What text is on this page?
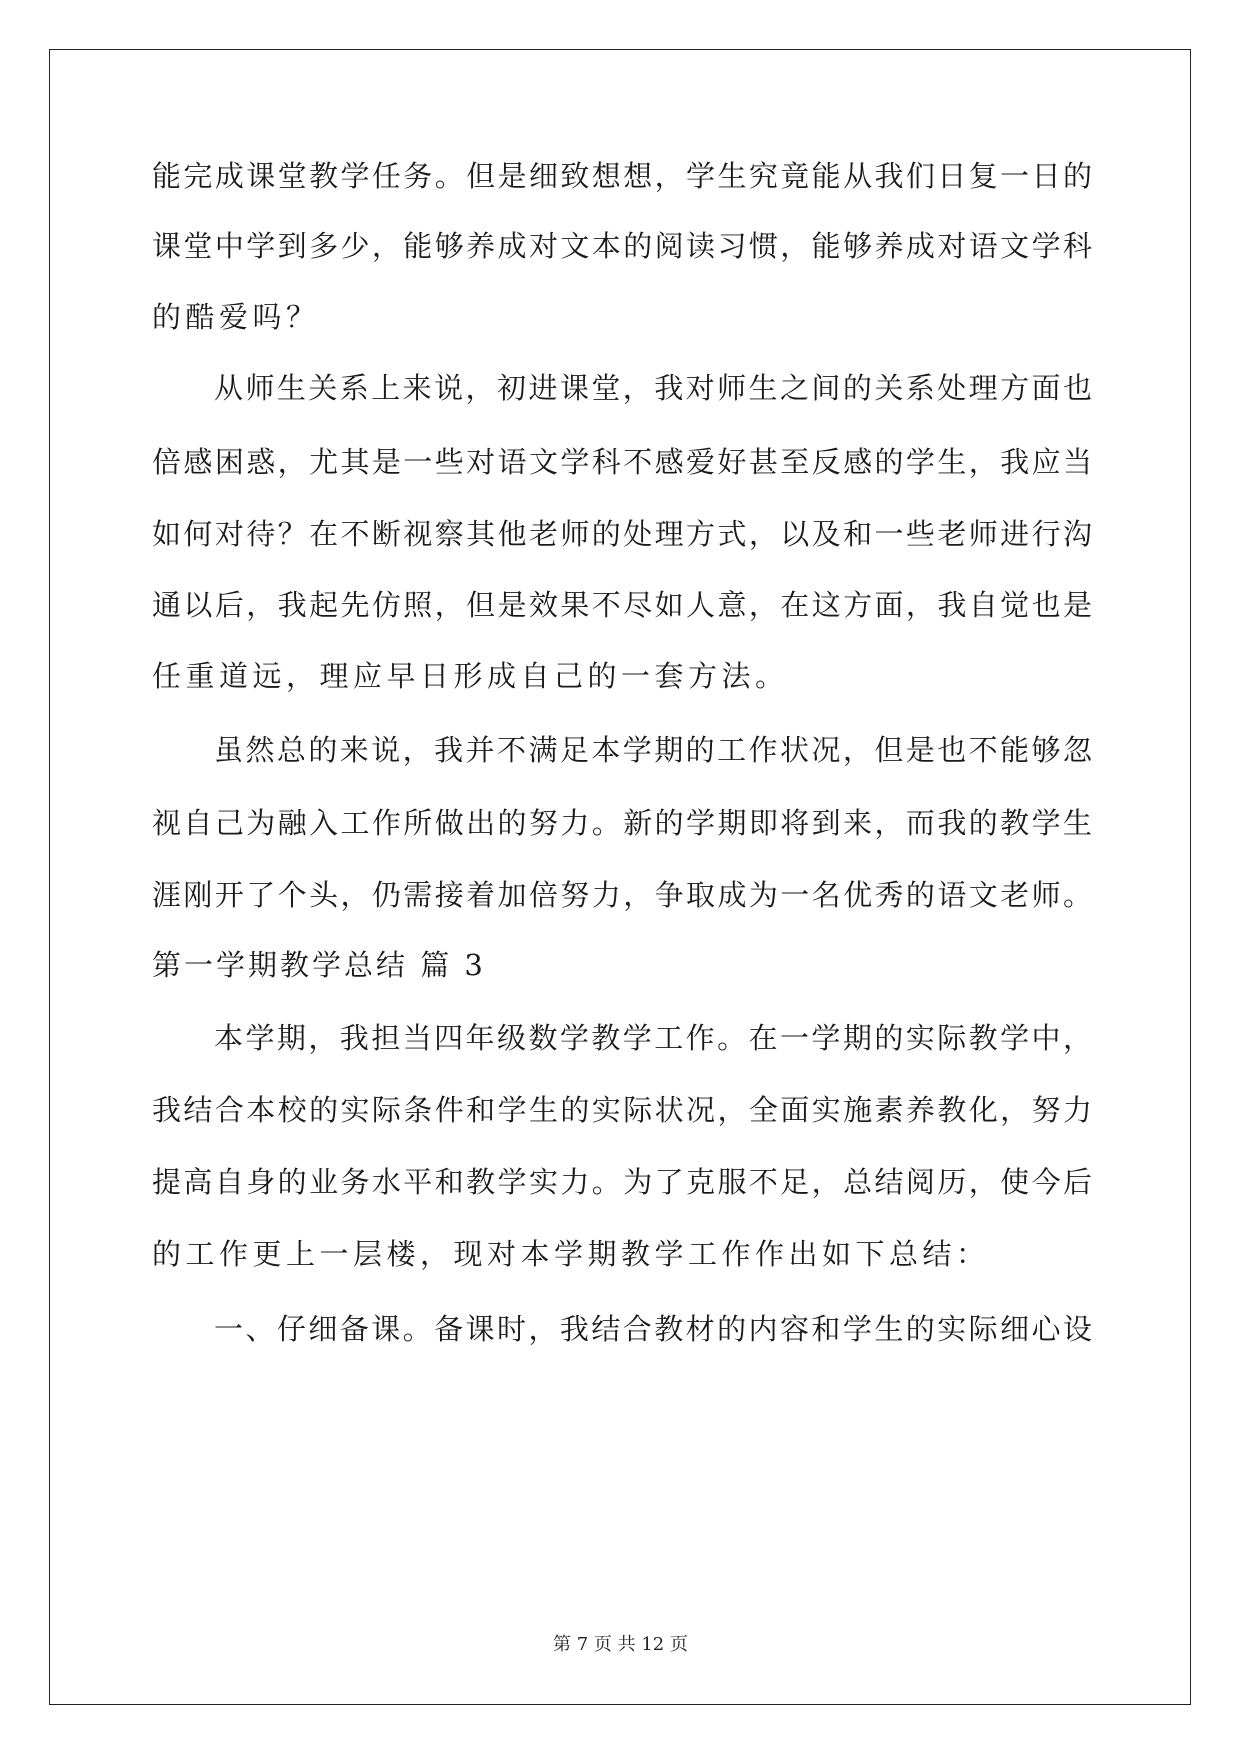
能完成课堂教学任务。但是细致想想，学生究竟能从我们日复一日的
课堂中学到多少，能够养成对文本的阅读习惯，能够养成对语文学科
的酷爱吗？
从师生关系上来说，初进课堂，我对师生之间的关系处理方面也
倍感困惑，尤其是一些对语文学科不感爱好甚至反感的学生，我应当
如何对待？在不断视察其他老师的处理方式，以及和一些老师进行沟
通以后，我起先仿照，但是效果不尽如人意，在这方面，我自觉也是
任重道远，理应早日形成自己的一套方法。
虽然总的来说，我并不满足本学期的工作状况，但是也不能够忽
视自己为融入工作所做出的努力。新的学期即将到来，而我的教学生
涯刚开了个头，仍需接着加倍努力，争取成为一名优秀的语文老师。
第一学期教学总结 篇 3
本学期，我担当四年级数学教学工作。在一学期的实际教学中，
我结合本校的实际条件和学生的实际状况，全面实施素养教化，努力
提高自身的业务水平和教学实力。为了克服不足，总结阅历，使今后
的工作更上一层楼，现对本学期教学工作作出如下总结：
一、仔细备课。备课时，我结合教材的内容和学生的实际细心设
第 7 页 共 12 页
